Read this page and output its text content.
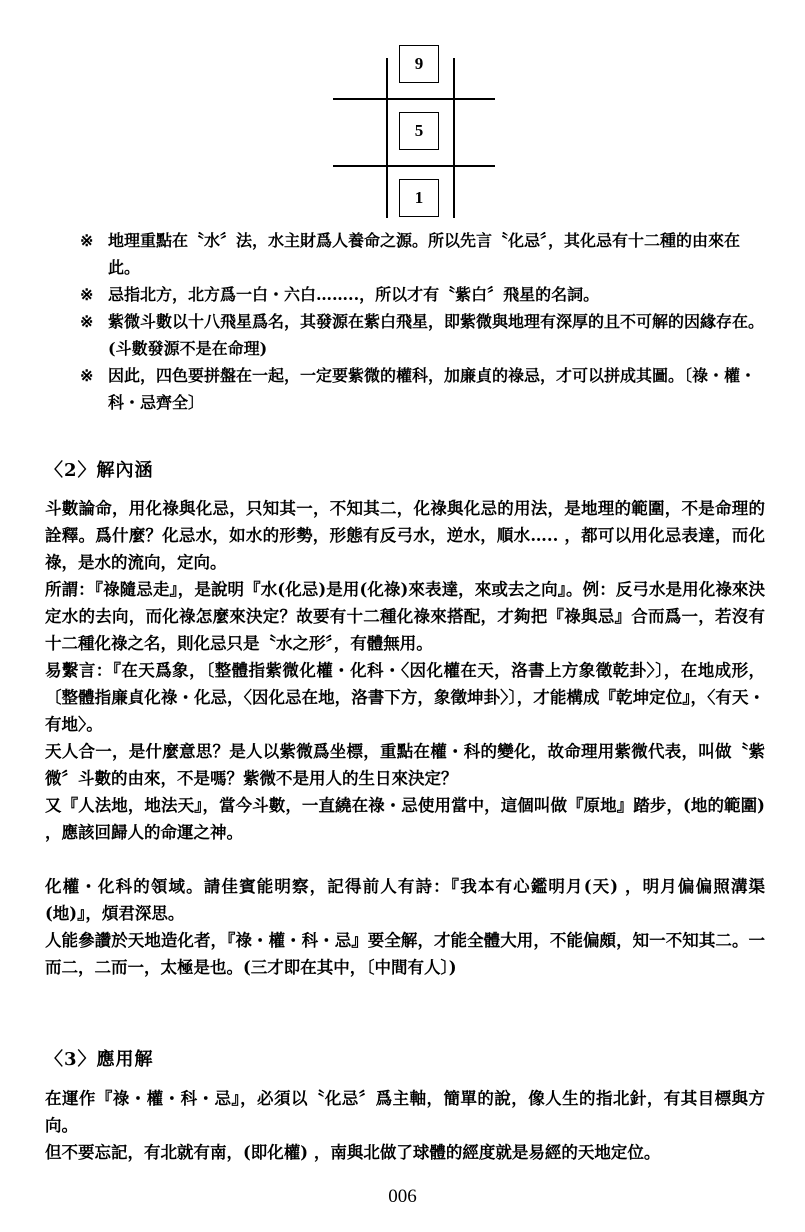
9
5
1
※ 地理重點在〝水〞法，水主財爲人養命之源。所以先言〝化忌〞，其化忌有十二種的由來在此。
※ 忌指北方，北方爲一白・六白……..，所以才有〝紫白〞飛星的名詞。
※ 紫微斗數以十八飛星爲名，其發源在紫白飛星，即紫微與地理有深厚的且不可解的因緣存在。(斗數發源不是在命理)
※ 因此，四色要拼盤在一起，一定要紫微的權科，加廉貞的祿忌，才可以拼成其圖。〔祿・權・科・忌齊全〕
〈2〉解內涵
斗數論命，用化祿與化忌，只知其一，不知其二，化祿與化忌的用法，是地理的範圍，不是命理的詮釋。爲什麼？化忌水，如水的形勢，形態有反弓水，逆水，順水….. ，都可以用化忌表達，而化祿，是水的流向，定向。
所謂：『祿隨忌走』，是說明『水(化忌)是用(化祿)來表達，來或去之向』。例：反弓水是用化祿來決定水的去向，而化祿怎麼來決定？故要有十二種化祿來搭配，才夠把『祿與忌』合而爲一，若沒有十二種化祿之名，則化忌只是〝水之形〞，有體無用。
易繫言：『在天爲象，〔整體指紫微化權・化科・〈因化權在天，洛書上方象徵乾卦〉〕，在地成形，〔整體指廉貞化祿・化忌，〈因化忌在地，洛書下方，象徵坤卦〉〕，才能構成『乾坤定位』，〈有天・有地〉。
天人合一，是什麼意思？是人以紫微爲坐標，重點在權・科的變化，故命理用紫微代表，叫做〝紫微〞斗數的由來，不是嗎？紫微不是用人的生日來決定？
又『人法地，地法天』，當今斗數，一直繞在祿・忌使用當中，這個叫做『原地』踏步，(地的範圍) ，應該回歸人的命運之神。
化權・化科的領域。請佳賓能明察，記得前人有詩：『我本有心鑑明月(天) ，明月偏偏照溝渠(地)』，煩君深思。
人能參讚於天地造化者，『祿・權・科・忌』要全解，才能全體大用，不能偏頗，知一不知其二。一而二，二而一，太極是也。(三才即在其中，〔中間有人〕)
〈3〉應用解
在運作『祿・權・科・忌』，必須以〝化忌〞爲主軸，簡單的說，像人生的指北針，有其目標與方向。
但不要忘記，有北就有南，(即化權) ，南與北做了球體的經度就是易經的天地定位。
006
